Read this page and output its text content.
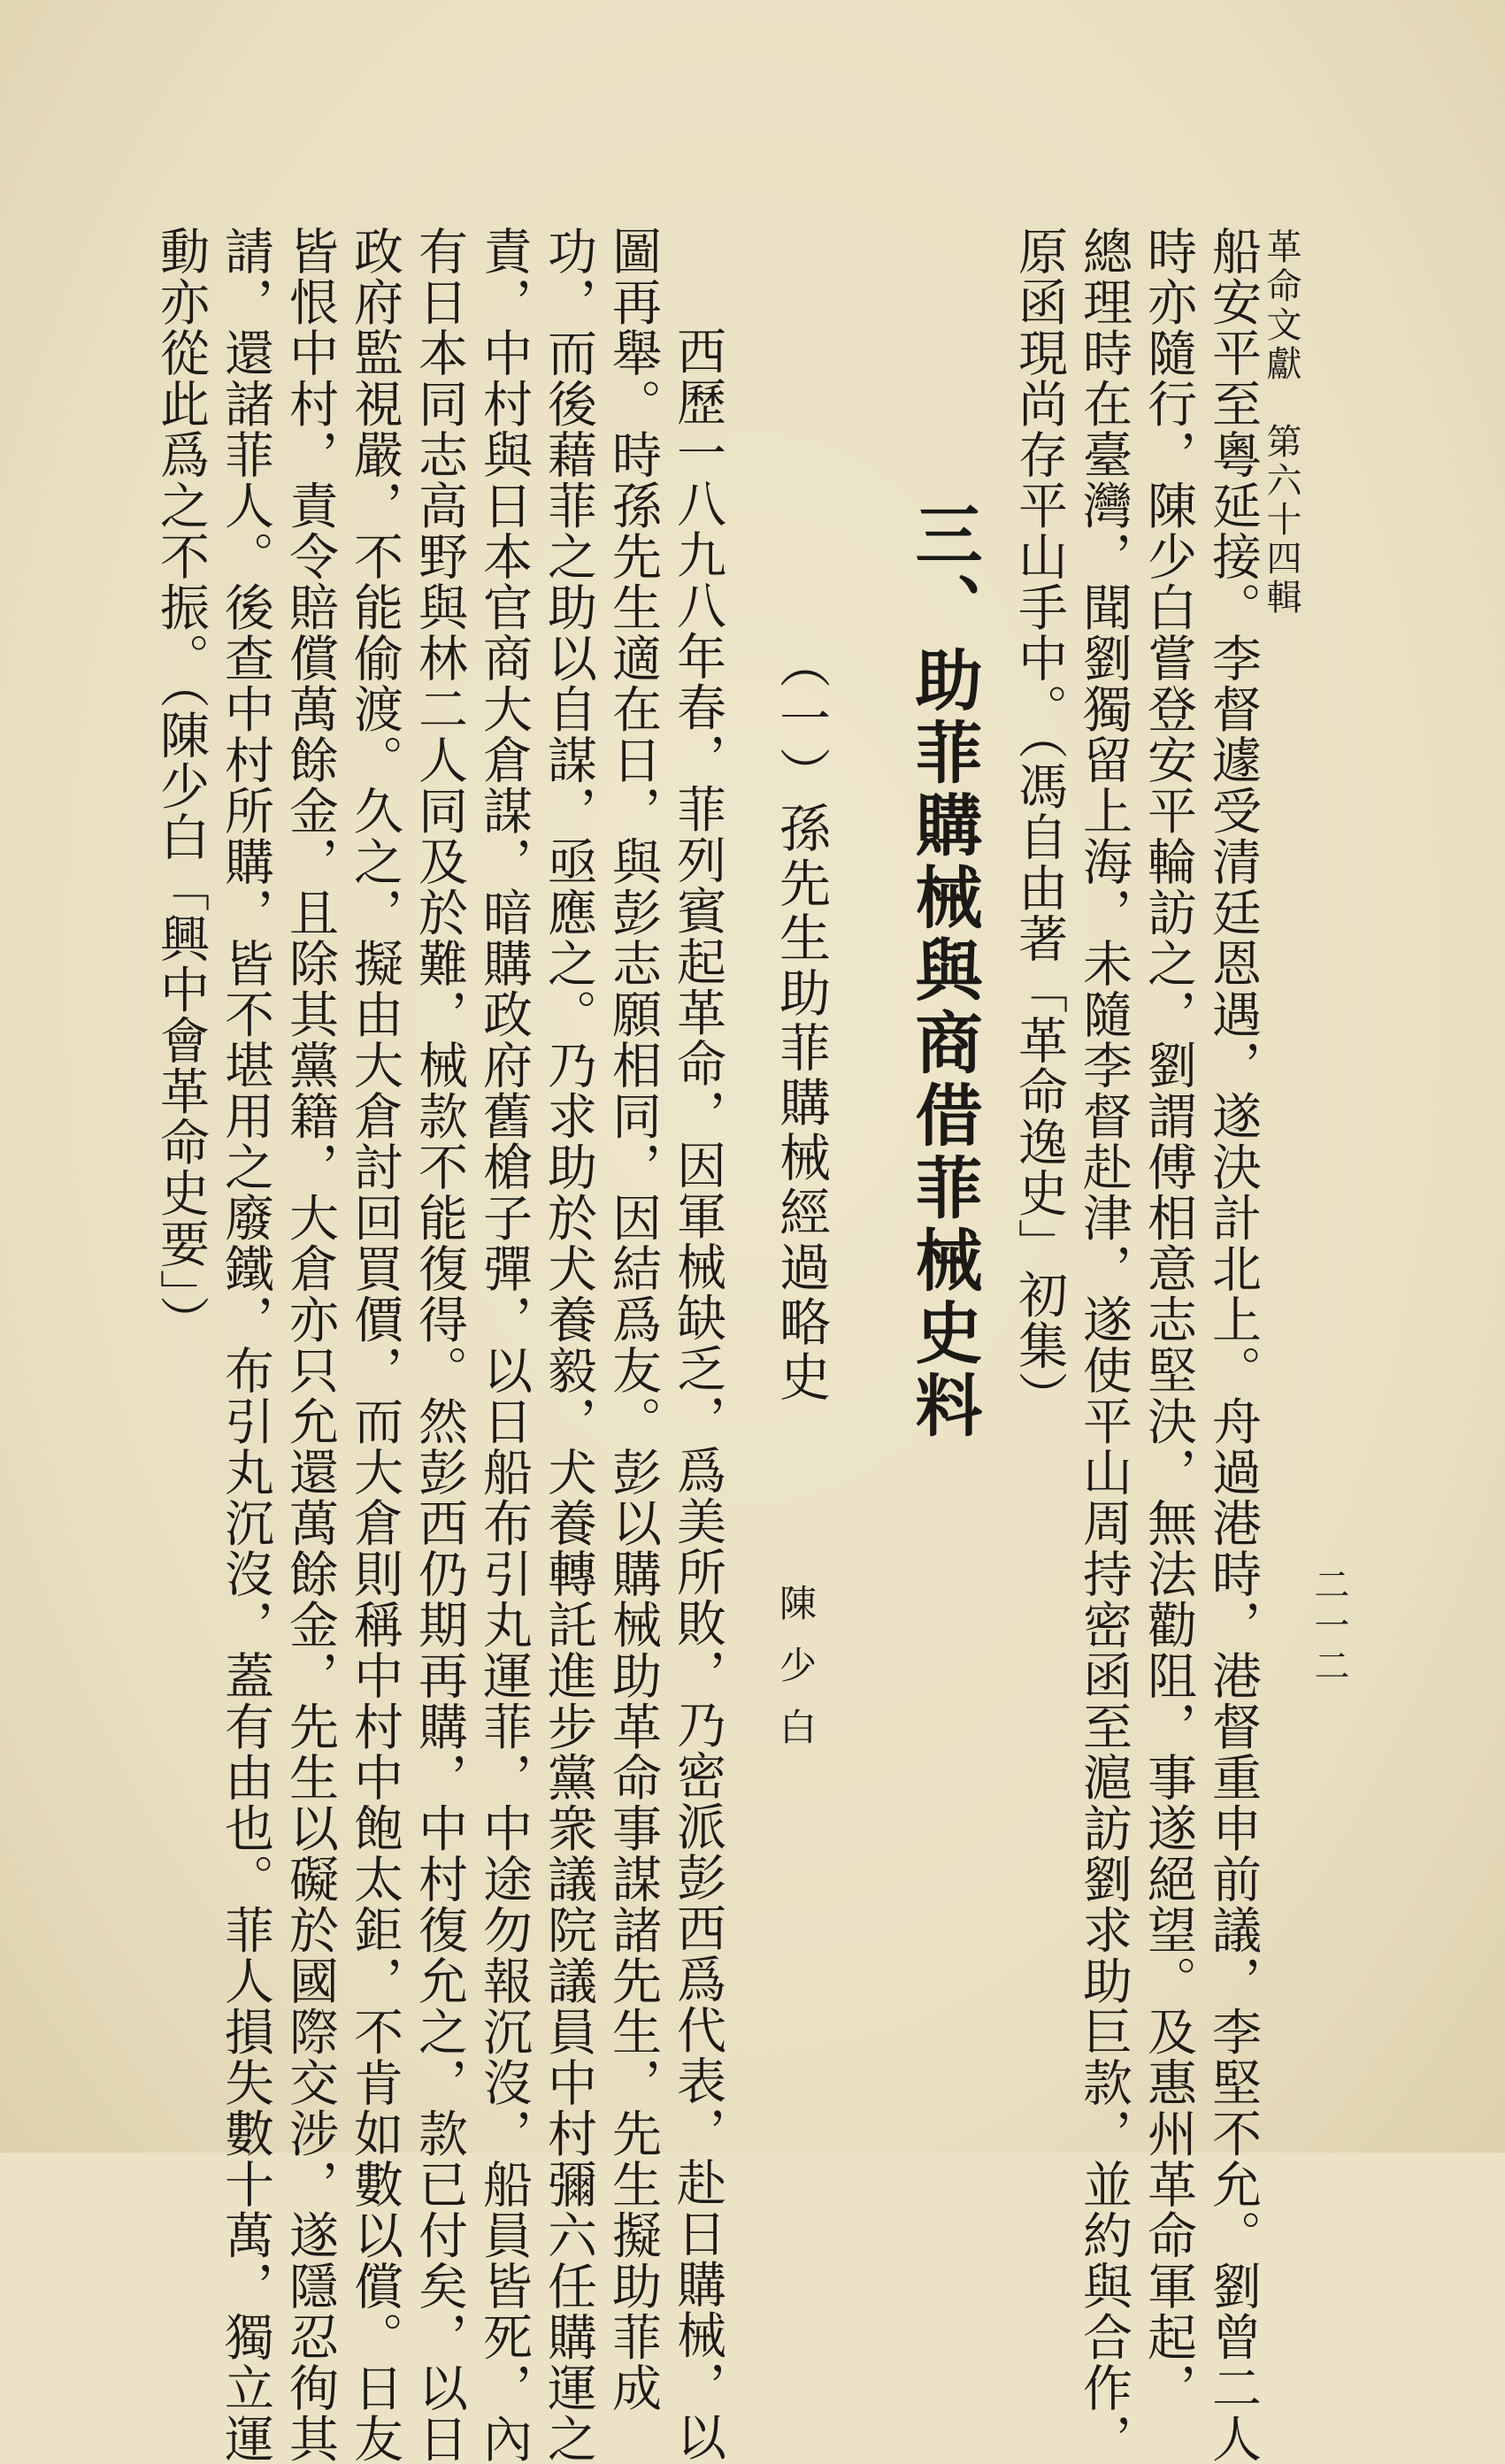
革命文獻　第六十四輯
二一二
船安平至粵延接。李督遽受清廷恩遇，遂決計北上。舟過港時，港督重申前議，李堅不允。劉曾二人
時亦隨行，陳少白嘗登安平輪訪之，劉謂傅相意志堅決，無法勸阻，事遂絕望。及惠州革命軍起，
總理時在臺灣，聞劉獨留上海，未隨李督赴津，遂使平山周持密函至滬訪劉求助巨款，並約與合作，
原函現尚存平山手中。（馮自由著「革命逸史」初集）
三、助菲購械與商借菲械史料
（一）孫先生助菲購械經過略史
陳少白
西歷一八九八年春，菲列賓起革命，因軍械缺乏，爲美所敗，乃密派彭西爲代表，赴日購械，以
圖再舉。時孫先生適在日，與彭志願相同，因結爲友。彭以購械助革命事謀諸先生，先生擬助菲成
功，而後藉菲之助以自謀，亟應之。乃求助於犬養毅，犬養轉託進步黨衆議院議員中村彌六任購運之
責，中村與日本官商大倉謀，暗購政府舊槍子彈，以日船布引丸運菲，中途勿報沉沒，船員皆死，內
有日本同志高野與林二人同及於難，械款不能復得。然彭西仍期再購，中村復允之，款已付矣，以日
政府監視嚴，不能偷渡。久之，擬由大倉討回買價，而大倉則稱中村中飽太鉅，不肯如數以償。日友
皆恨中村，責令賠償萬餘金，且除其黨籍，大倉亦只允還萬餘金，先生以礙於國際交涉，遂隱忍徇其
請，還諸菲人。後查中村所購，皆不堪用之廢鐵，布引丸沉沒，蓋有由也。菲人損失數十萬，獨立運
動亦從此爲之不振。（陳少白「興中會革命史要」）
